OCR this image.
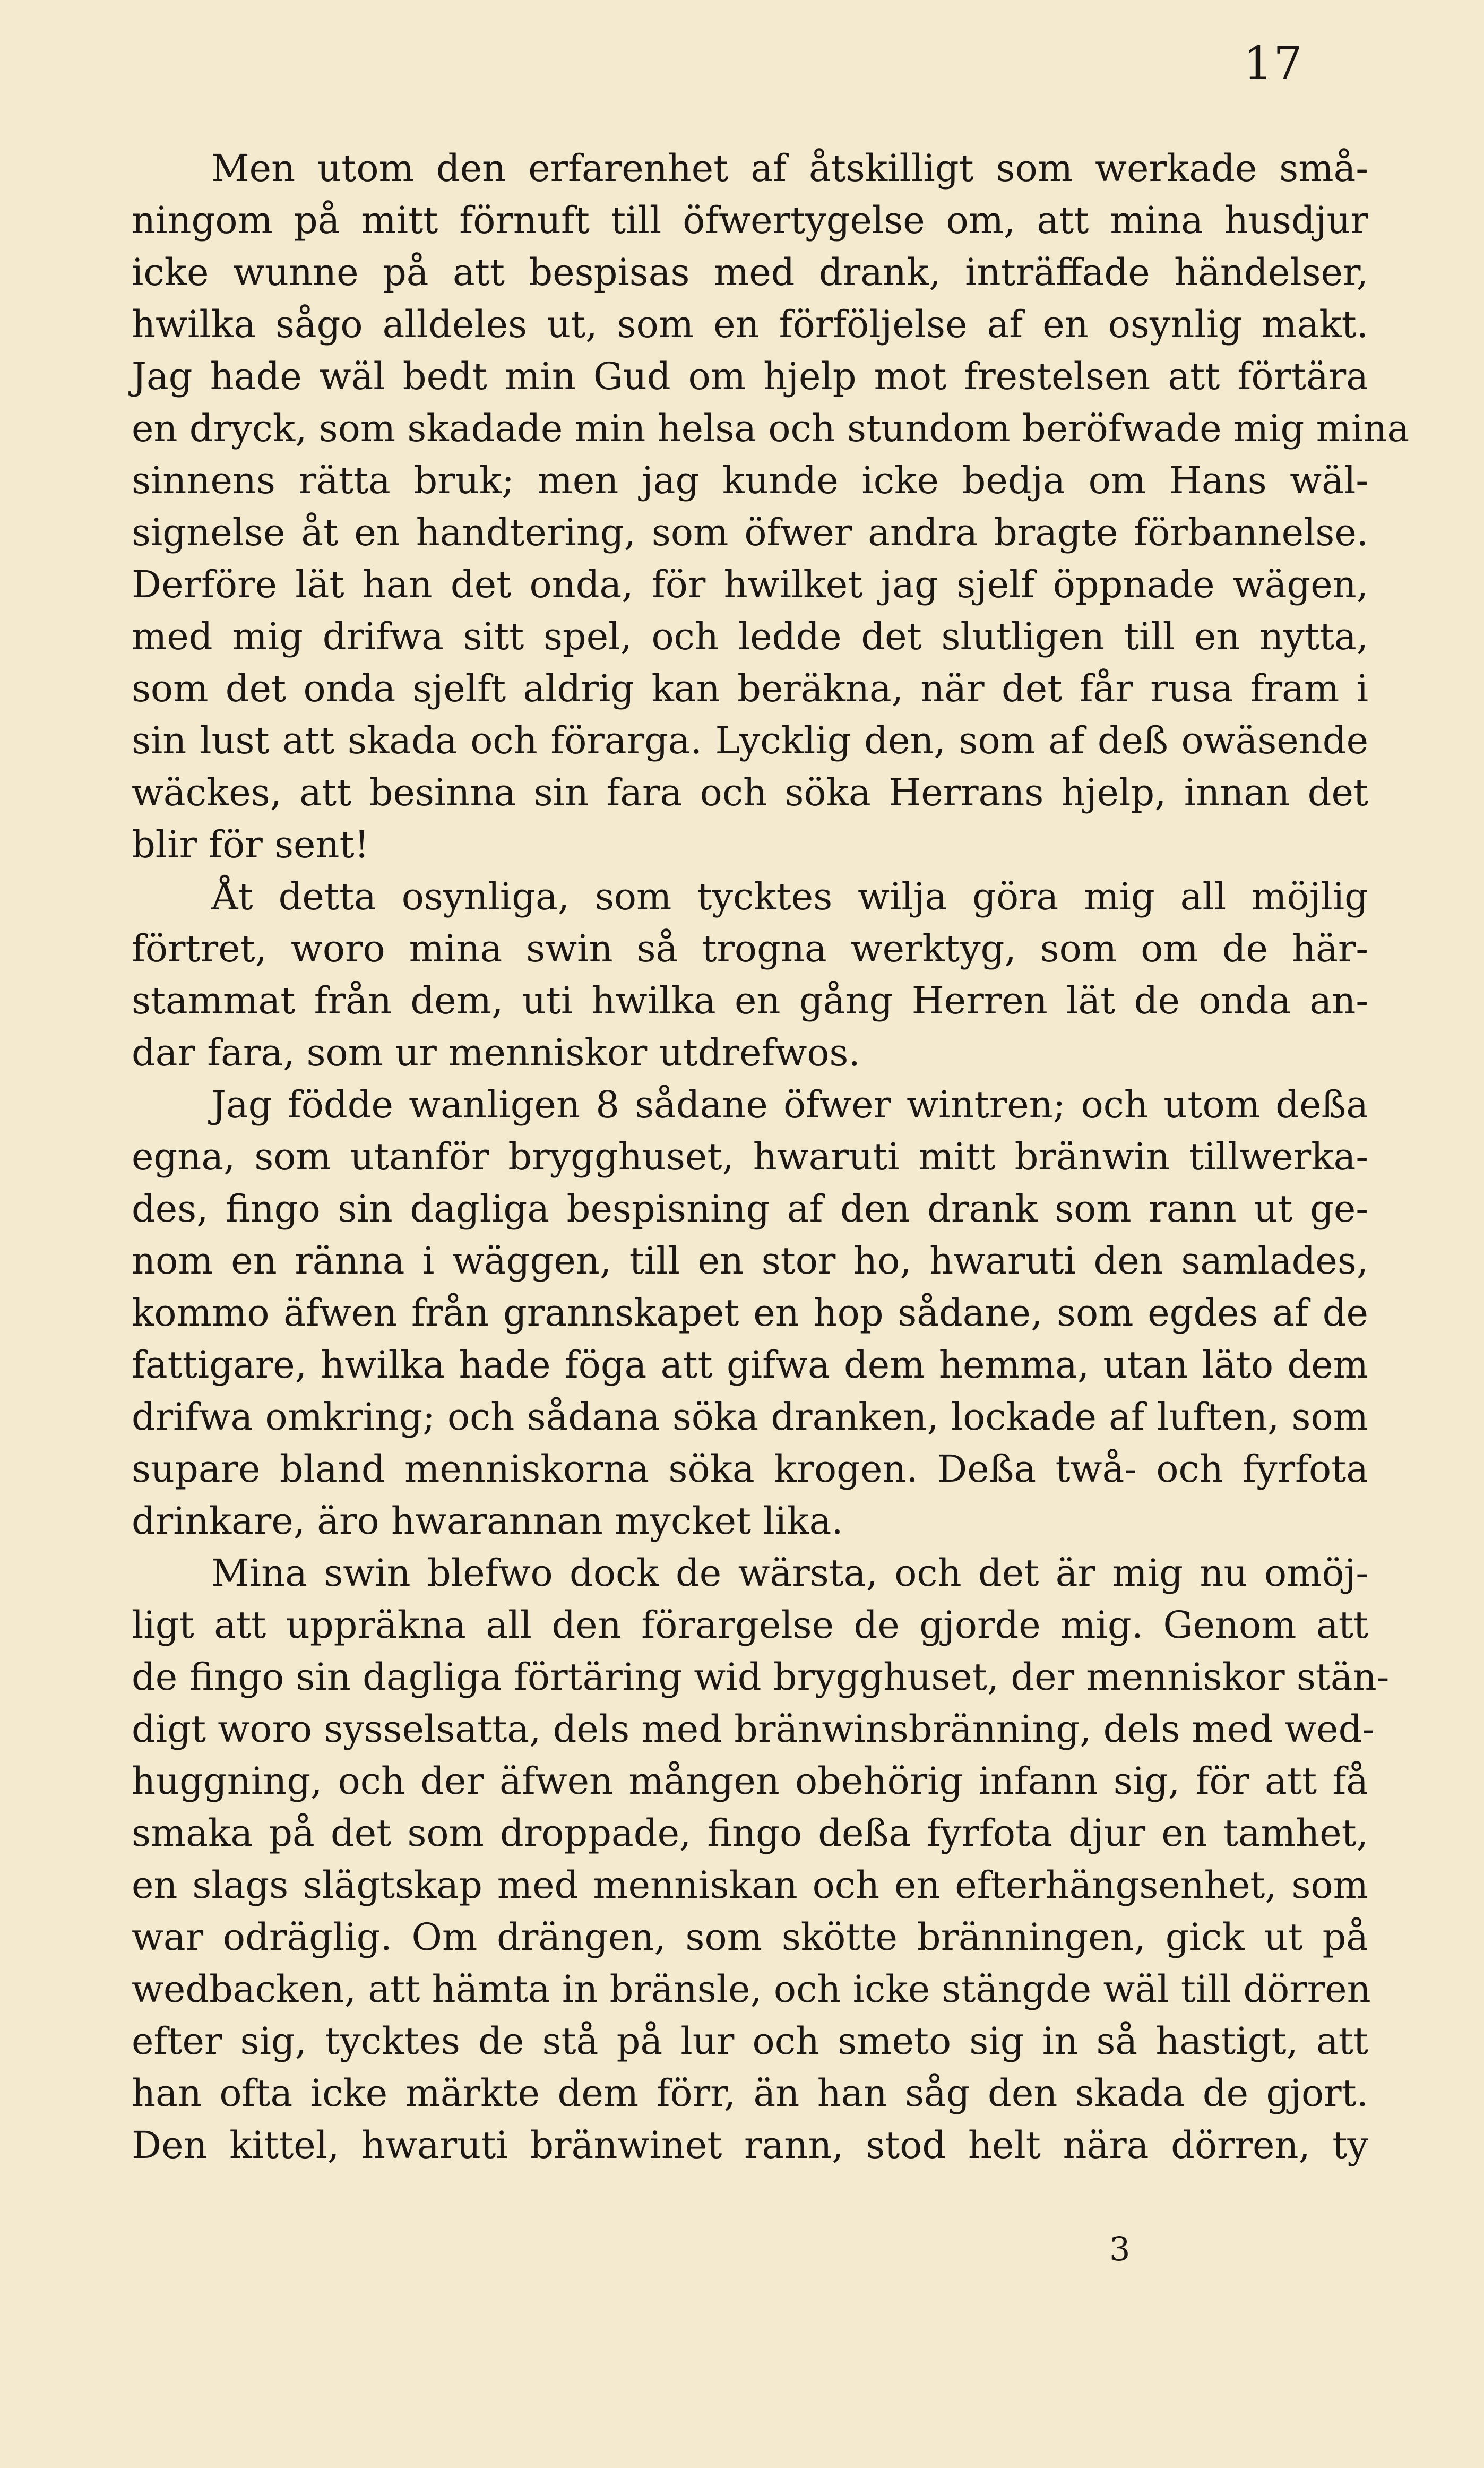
17
Men utom den erfarenhet af åtskilligt som werkade små-
ningom på mitt förnuft till öfwertygelse om, att mina husdjur
icke wunne på att bespisas med drank, inträffade händelser,
hwilka sågo alldeles ut, som en förföljelse af en osynlig makt.
Jag hade wäl bedt min Gud om hjelp mot frestelsen att förtära
en dryck, som skadade min helsa och stundom beröfwade mig mina
sinnens rätta bruk; men jag kunde icke bedja om Hans wäl-
signelse åt en handtering, som öfwer andra bragte förbannelse.
Derföre lät han det onda, för hwilket jag sjelf öppnade wägen,
med mig drifwa sitt spel, och ledde det slutligen till en nytta,
som det onda sjelft aldrig kan beräkna, när det får rusa fram i
sin lust att skada och förarga. Lycklig den, som af deß owäsende
wäckes, att besinna sin fara och söka Herrans hjelp, innan det
blir för sent!
Åt detta osynliga, som tycktes wilja göra mig all möjlig
förtret, woro mina swin så trogna werktyg, som om de här-
stammat från dem, uti hwilka en gång Herren lät de onda an-
dar fara, som ur menniskor utdrefwos.
Jag födde wanligen 8 sådane öfwer wintren; och utom deßa
egna, som utanför brygghuset, hwaruti mitt bränwin tillwerka-
des, fingo sin dagliga bespisning af den drank som rann ut ge-
nom en ränna i wäggen, till en stor ho, hwaruti den samlades,
kommo äfwen från grannskapet en hop sådane, som egdes af de
fattigare, hwilka hade föga att gifwa dem hemma, utan läto dem
drifwa omkring; och sådana söka dranken, lockade af luften, som
supare bland menniskorna söka krogen. Deßa twå- och fyrfota
drinkare, äro hwarannan mycket lika.
Mina swin blefwo dock de wärsta, och det är mig nu omöj-
ligt att uppräkna all den förargelse de gjorde mig. Genom att
de fingo sin dagliga förtäring wid brygghuset, der menniskor stän-
digt woro sysselsatta, dels med bränwinsbränning, dels med wed-
huggning, och der äfwen mången obehörig infann sig, för att få
smaka på det som droppade, fingo deßa fyrfota djur en tamhet,
en slags slägtskap med menniskan och en efterhängsenhet, som
war odräglig. Om drängen, som skötte bränningen, gick ut på
wedbacken, att hämta in bränsle, och icke stängde wäl till dörren
efter sig, tycktes de stå på lur och smeto sig in så hastigt, att
han ofta icke märkte dem förr, än han såg den skada de gjort.
Den kittel, hwaruti bränwinet rann, stod helt nära dörren, ty
3
